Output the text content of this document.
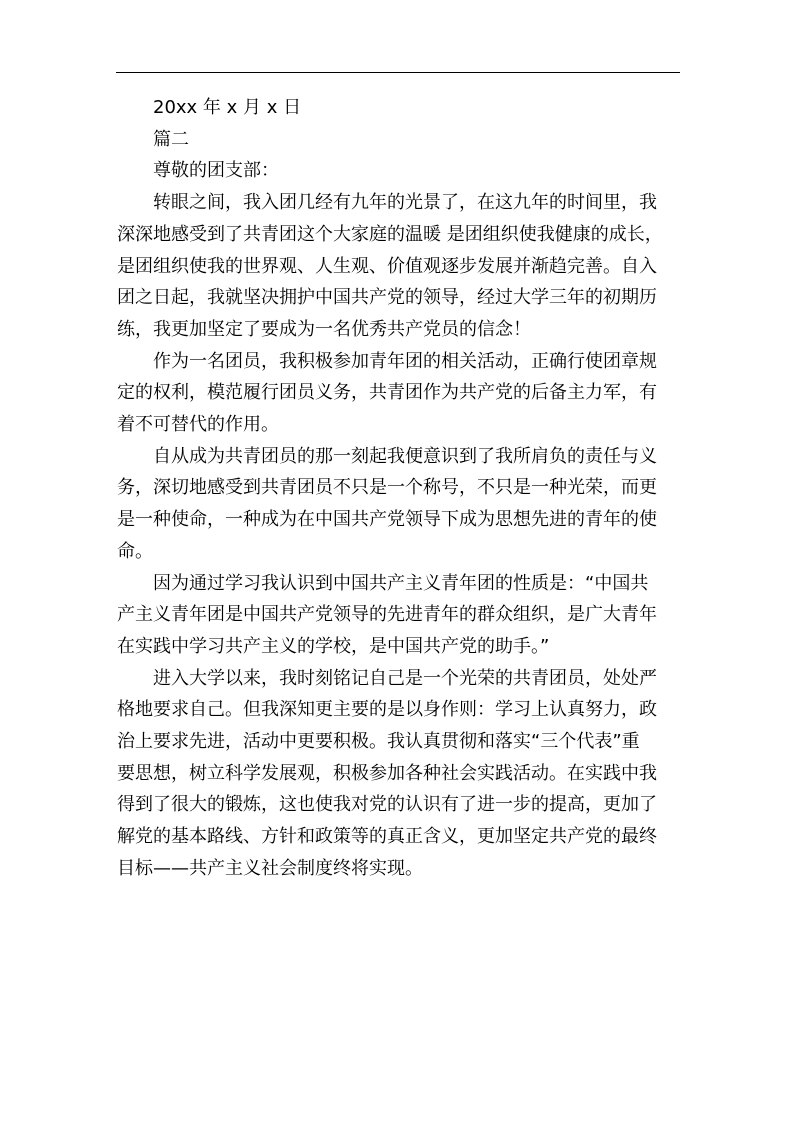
20xx 年 x 月 x 日

篇二

尊敬的团支部：

转眼之间，我入团几经有九年的光景了，在这九年的时间里，我

深深地感受到了共青团这个大家庭的温暖 是团组织使我健康的成长，

是团组织使我的世界观、人生观、价值观逐步发展并渐趋完善。自入

团之日起，我就坚决拥护中国共产党的领导，经过大学三年的初期历

练，我更加坚定了要成为一名优秀共产党员的信念！

作为一名团员，我积极参加青年团的相关活动，正确行使团章规

定的权利，模范履行团员义务，共青团作为共产党的后备主力军，有

着不可替代的作用。

自从成为共青团员的那一刻起我便意识到了我所肩负的责任与义

务，深切地感受到共青团员不只是一个称号，不只是一种光荣，而更

是一种使命，一种成为在中国共产党领导下成为思想先进的青年的使

命。

因为通过学习我认识到中国共产主义青年团的性质是：“中国共

产主义青年团是中国共产党领导的先进青年的群众组织，是广大青年

在实践中学习共产主义的学校，是中国共产党的助手。”

进入大学以来，我时刻铭记自己是一个光荣的共青团员，处处严

格地要求自己。但我深知更主要的是以身作则：学习上认真努力，政

治上要求先进，活动中更要积极。我认真贯彻和落实“三个代表”重

要思想，树立科学发展观，积极参加各种社会实践活动。在实践中我

得到了很大的锻炼，这也使我对党的认识有了进一步的提高，更加了

解党的基本路线、方针和政策等的真正含义，更加坚定共产党的最终

目标——共产主义社会制度终将实现。
